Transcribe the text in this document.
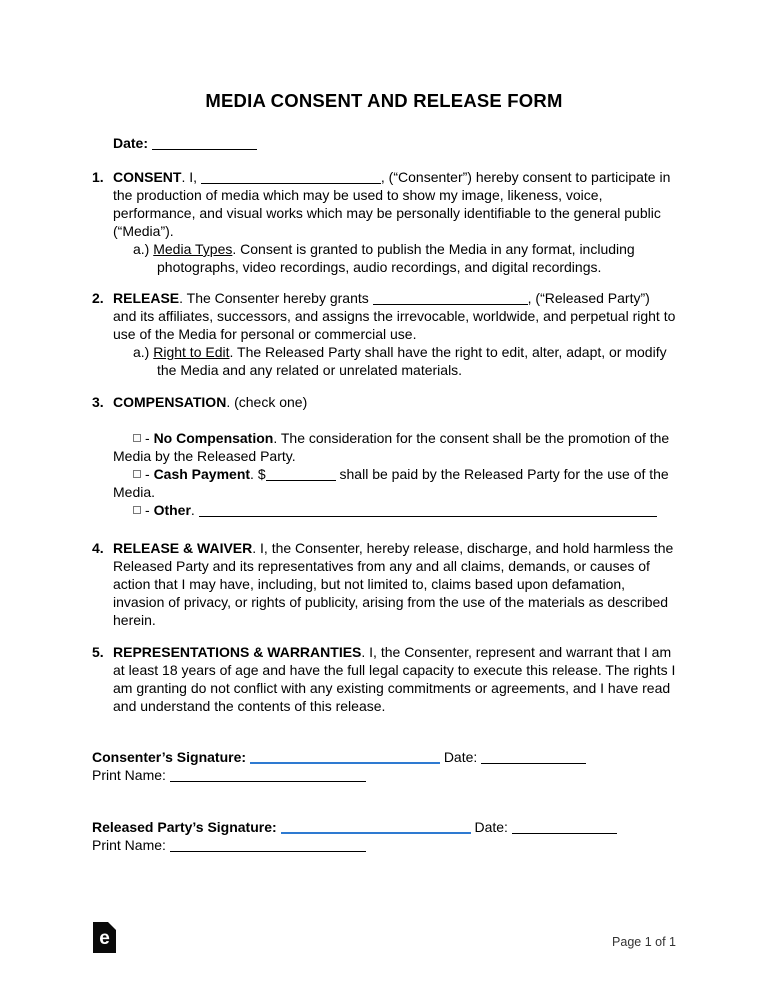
MEDIA CONSENT AND RELEASE FORM
Date:
1. CONSENT. I,	, (“Consenter”) hereby consent to participate in the production of media which may be used to show my image, likeness, voice, performance, and visual works which may be personally identifiable to the general public (“Media”).

a.) Media Types. Consent is granted to publish the Media in any format, including photographs, video recordings, audio recordings, and digital recordings.

2. RELEASE. The Consenter hereby grants	, (“Released Party”) and its affiliates, successors, and assigns the irrevocable, worldwide, and perpetual right to use of the Media for personal or commercial use.

a.) Right to Edit. The Released Party shall have the right to edit, alter, adapt, or modify the Media and any related or unrelated materials.

3. COMPENSATION. (check one)

- No Compensation. The consideration for the consent shall be the promotion of the Media by the Released Party.

- Cash Payment. $	shall be paid by the Released Party for the use of the Media.

- Other.

4. RELEASE & WAIVER. I, the Consenter, hereby release, discharge, and hold harmless the Released Party and its representatives from any and all claims, demands, or causes of action that I may have, including, but not limited to, claims based upon defamation, invasion of privacy, or rights of publicity, arising from the use of the materials as described herein.

5. REPRESENTATIONS & WARRANTIES. I, the Consenter, represent and warrant that I am at least 18 years of age and have the full legal capacity to execute this release. The rights I am granting do not conflict with any existing commitments or agreements, and I have read and understand the contents of this release.

Consenter’s Signature:	Date:

Print Name:

Released Party’s Signature:	Date:

Print Name:

e	Page 1 of 1
